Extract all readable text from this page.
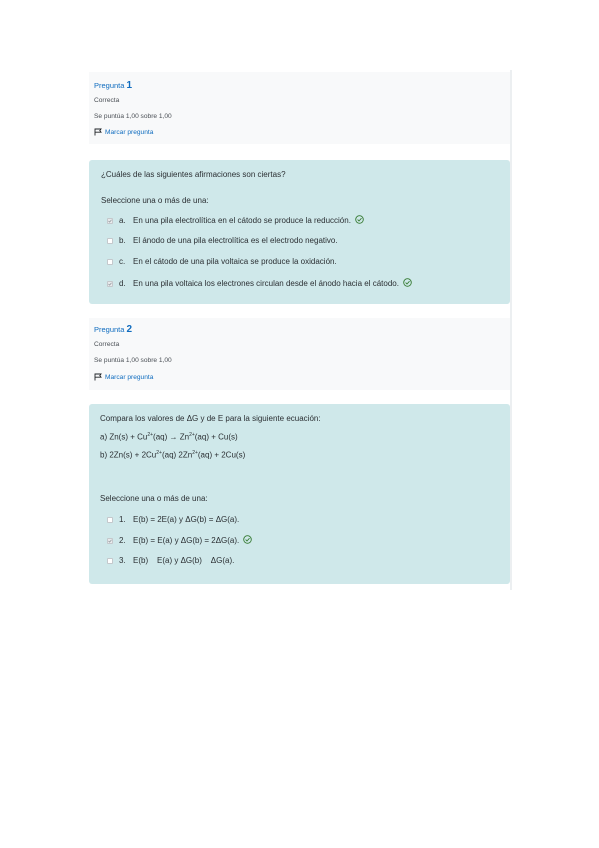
Pregunta 1
Correcta
Se puntúa 1,00 sobre 1,00
Marcar pregunta
¿Cuáles de las siguientes afirmaciones son ciertas?
Seleccione una o más de una:
a. En una pila electrolítica en el cátodo se produce la reducción.
b. El ánodo de una pila electrolítica es el electrodo negativo.
c. En el cátodo de una pila voltaica se produce la oxidación.
d. En una pila voltaica los electrones circulan desde el ánodo hacia el cátodo.
Pregunta 2
Correcta
Se puntúa 1,00 sobre 1,00
Marcar pregunta
Compara los valores de ΔG y de E para la siguiente ecuación:
a) $Zn(s) + Cu^{2+}(aq) \to Zn^{2+}(aq) + Cu(s)$
b) $2Zn(s) + 2Cu^{2+}(aq) 2Zn^{2+}(aq) + 2Cu(s)$
Seleccione una o más de una:
1. E(b) = 2E(a) y ΔG(b) = ΔG(a).
2. E(b) = E(a) y ΔG(b) = 2ΔG(a).
3. E(b)    E(a) y ΔG(b)    ΔG(a).
